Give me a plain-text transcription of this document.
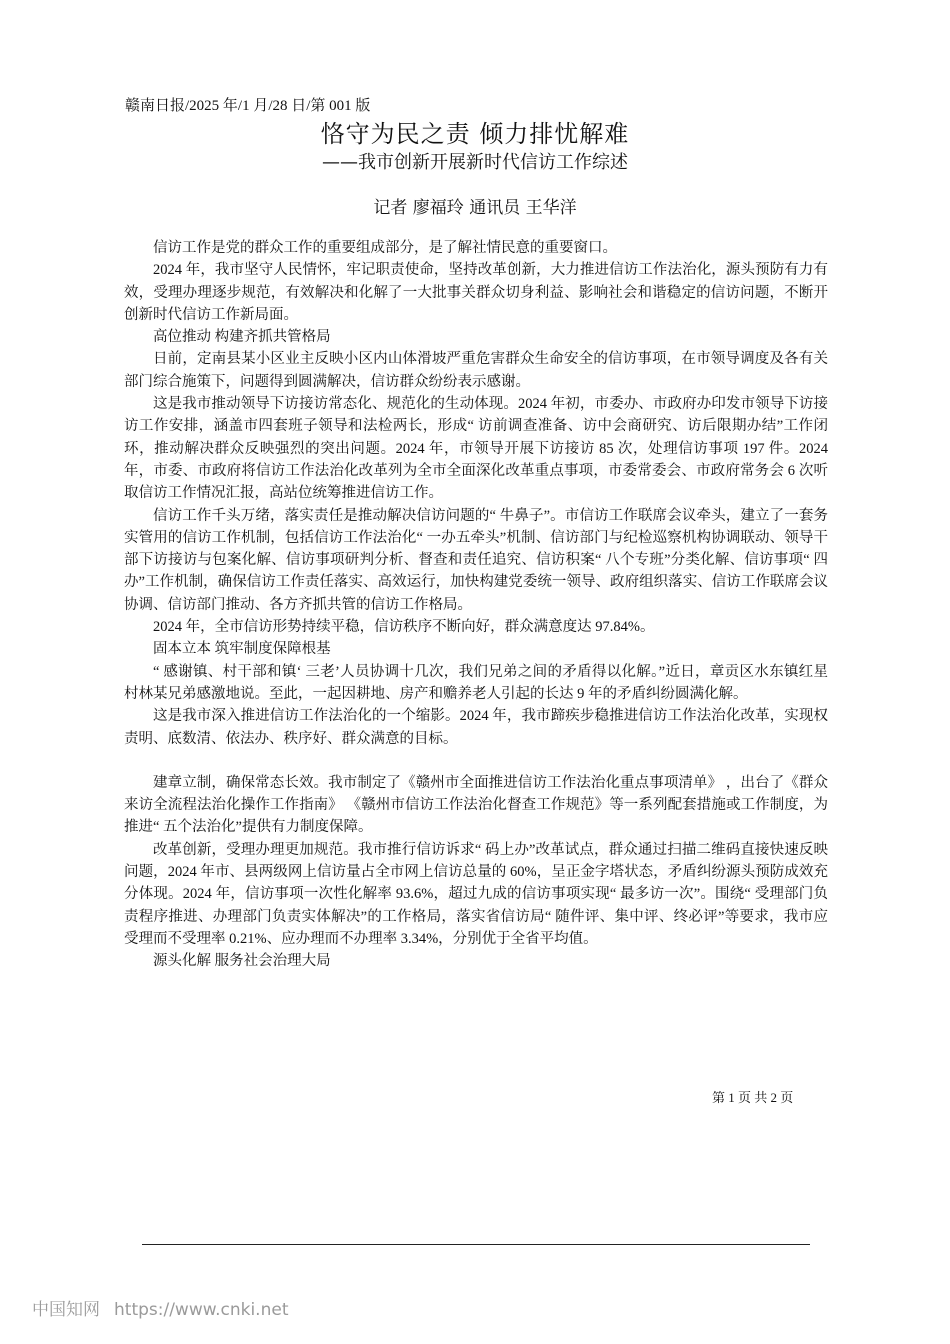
赣南日报/2025 年/1 月/28 日/第 001 版
恪守为民之责 倾力排忧解难
——我市创新开展新时代信访工作综述
记者 廖福玲 通讯员 王华洋

信访工作是党的群众工作的重要组成部分，是了解社情民意的重要窗口。

2024 年，我市坚守人民情怀，牢记职责使命，坚持改革创新，大力推进信访工作法治化，源头预防有力有效，受理办理逐步规范，有效解决和化解了一大批事关群众切身利益、影响社会和谐稳定的信访问题，不断开创新时代信访工作新局面。

高位推动 构建齐抓共管格局

日前，定南县某小区业主反映小区内山体滑坡严重危害群众生命安全的信访事项，在市领导调度及各有关部门综合施策下，问题得到圆满解决，信访群众纷纷表示感谢。

这是我市推动领导下访接访常态化、规范化的生动体现。2024 年初，市委办、市政府办印发市领导下访接访工作安排，涵盖市四套班子领导和法检两长，形成“ 访前调查准备、访中会商研究、访后限期办结”工作闭环，推动解决群众反映强烈的突出问题。2024 年，市领导开展下访接访 85 次，处理信访事项 197 件。2024 年，市委、市政府将信访工作法治化改革列为全市全面深化改革重点事项，市委常委会、市政府常务会 6 次听取信访工作情况汇报，高站位统筹推进信访工作。

信访工作千头万绪，落实责任是推动解决信访问题的“ 牛鼻子”。市信访工作联席会议牵头，建立了一套务实管用的信访工作机制，包括信访工作法治化“ 一办五牵头”机制、信访部门与纪检巡察机构协调联动、领导干部下访接访与包案化解、信访事项研判分析、督查和责任追究、信访积案“ 八个专班”分类化解、信访事项“ 四办”工作机制，确保信访工作责任落实、高效运行，加快构建党委统一领导、政府组织落实、信访工作联席会议协调、信访部门推动、各方齐抓共管的信访工作格局。

2024 年，全市信访形势持续平稳，信访秩序不断向好，群众满意度达 97.84%。

固本立本 筑牢制度保障根基

“ 感谢镇、村干部和镇‘ 三老’人员协调十几次，我们兄弟之间的矛盾得以化解。”近日，章贡区水东镇红星村林某兄弟感激地说。至此，一起因耕地、房产和赡养老人引起的长达 9 年的矛盾纠纷圆满化解。

这是我市深入推进信访工作法治化的一个缩影。2024 年，我市蹄疾步稳推进信访工作法治化改革，实现权责明、底数清、依法办、秩序好、群众满意的目标。

建章立制，确保常态长效。我市制定了《赣州市全面推进信访工作法治化重点事项清单》 ，出台了《群众来访全流程法治化操作工作指南》 《赣州市信访工作法治化督查工作规范》等一系列配套措施或工作制度，为推进“ 五个法治化”提供有力制度保障。

改革创新，受理办理更加规范。我市推行信访诉求“ 码上办”改革试点，群众通过扫描二维码直接快速反映问题，2024 年市、县两级网上信访量占全市网上信访总量的 60%，呈正金字塔状态，矛盾纠纷源头预防成效充分体现。2024 年，信访事项一次性化解率 93.6%，超过九成的信访事项实现“ 最多访一次”。围绕“ 受理部门负责程序推进、办理部门负责实体解决”的工作格局，落实省信访局“ 随件评、集中评、终必评”等要求，我市应受理而不受理率 0.21%、应办理而不办理率 3.34%，分别优于全省平均值。

源头化解 服务社会治理大局

第 1 页 共 2 页
中国知网 https://www.cnki.net
